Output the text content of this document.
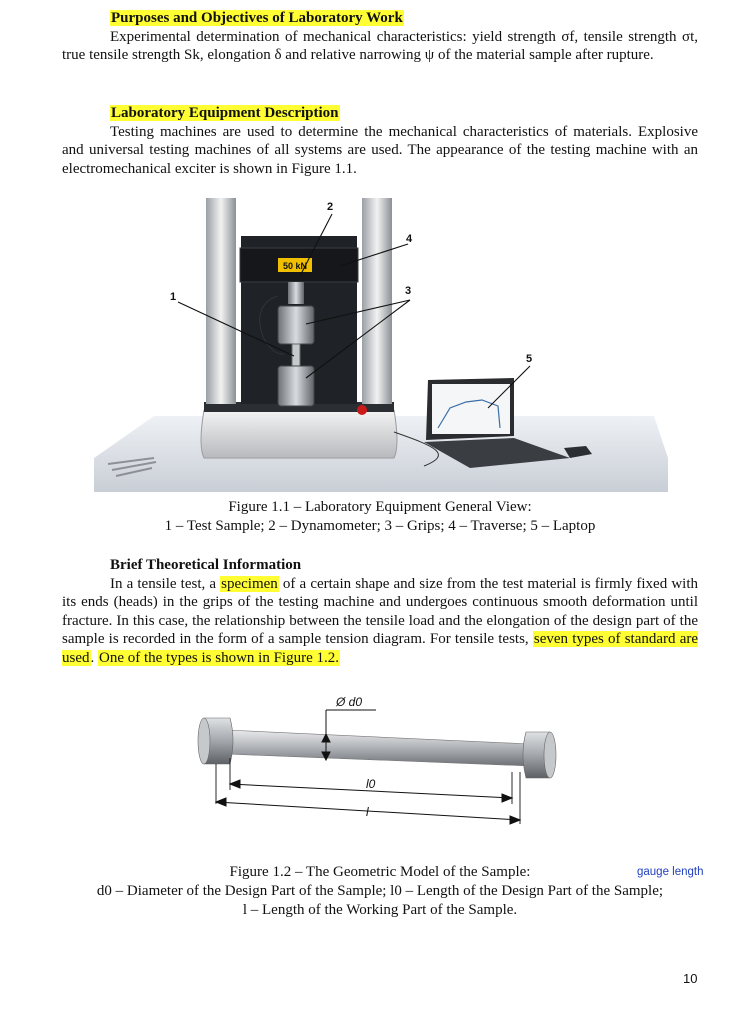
Purposes and Objectives of Laboratory Work
Experimental determination of mechanical characteristics: yield strength σf, tensile strength σt, true tensile strength Sk, elongation δ and relative narrowing ψ of the material sample after rupture.
Laboratory Equipment Description
Testing machines are used to determine the mechanical characteristics of materials. Explosive and universal testing machines of all systems are used. The appearance of the testing machine with an electromechanical exciter is shown in Figure 1.1.
50 kN
1
2
3
4
5
Figure 1.1 – Laboratory Equipment General View:
1 – Test Sample; 2 – Dynamometer; 3 – Grips; 4 – Traverse; 5 – Laptop
Brief Theoretical Information
In a tensile test, a specimen of a certain shape and size from the test material is firmly fixed with its ends (heads) in the grips of the testing machine and undergoes continuous smooth deformation until fracture. In this case, the relationship between the tensile load and the elongation of the design part of the sample is recorded in the form of a sample tension diagram. For tensile tests, seven types of standard are used. One of the types is shown in Figure 1.2.
Ø d0
l0
l
Figure 1.2 – The Geometric Model of the Sample:
d0 – Diameter of the Design Part of the Sample; l0 – Length of the Design Part of the Sample;
l – Length of the Working Part of the Sample.
gauge length
10
